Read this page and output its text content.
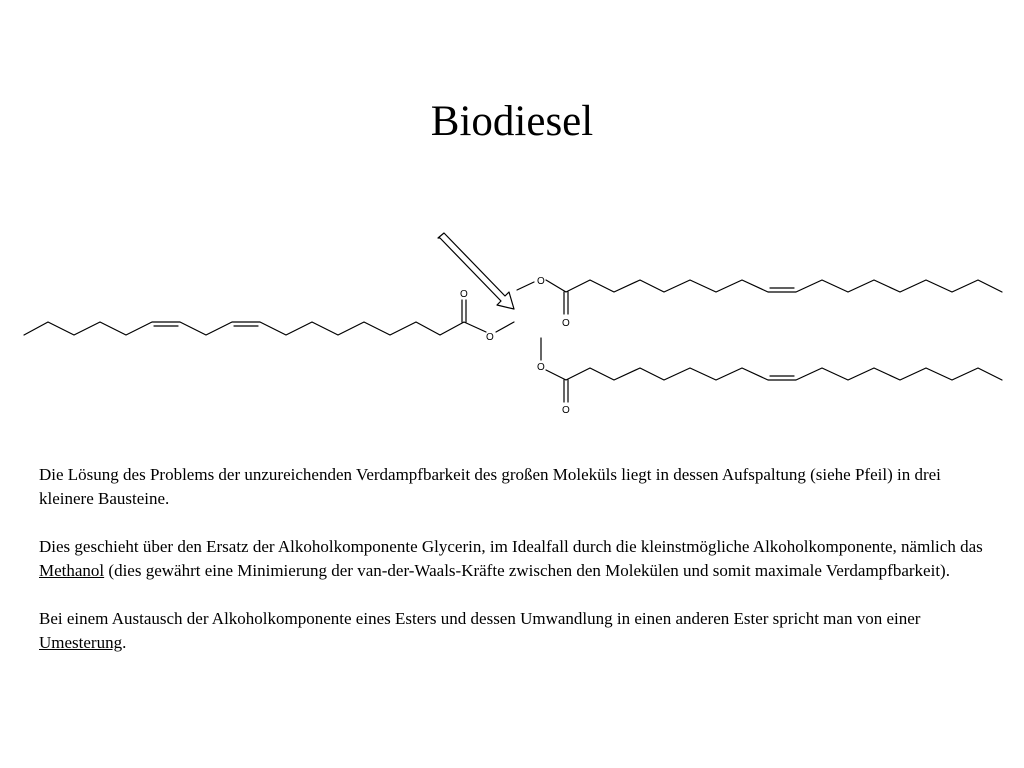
Biodiesel
O
O
O
O
O
O

Die Lösung des Problems der unzureichenden Verdampfbarkeit des großen Moleküls liegt in dessen Aufspaltung (siehe Pfeil) in drei kleinere Bausteine.

Dies geschieht über den Ersatz der Alkoholkomponente Glycerin, im Idealfall durch die kleinstmögliche Alkoholkomponente, nämlich das Methanol (dies gewährt eine Minimierung der van-der-Waals-Kräfte zwischen den Molekülen und somit maximale Verdampfbarkeit).

Bei einem Austausch der Alkoholkomponente eines Esters und dessen Umwandlung in einen anderen Ester spricht man von einer Umesterung.
